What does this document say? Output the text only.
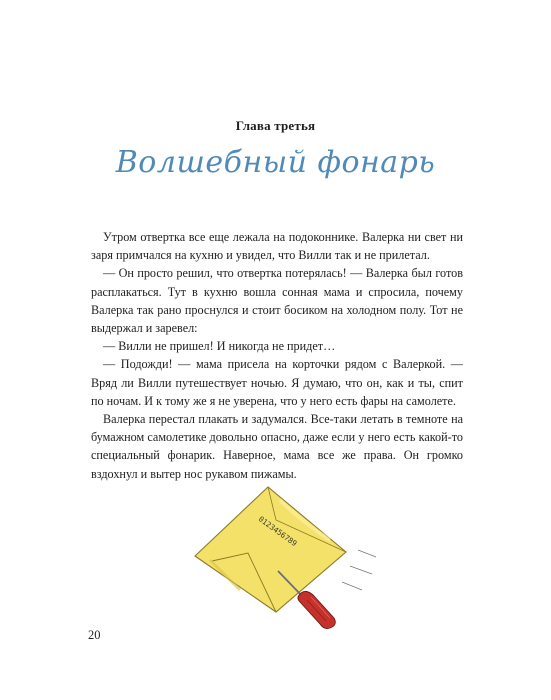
Глава третья
Волшебный фонарь

Утром отвертка все еще лежала на подоконнике. Валерка ни свет ни заря примчался на кухню и увидел, что Вилли так и не прилетал.

— Он просто решил, что отвертка потерялась! — Валерка был готов расплакаться. Тут в кухню вошла сонная мама и спросила, почему Валерка так рано проснулся и стоит босиком на холодном полу. Тот не выдержал и заревел:

— Вилли не пришел! И никогда не придет…

— Подожди! — мама присела на корточки рядом с Валеркой. — Вряд ли Вилли путешествует ночью. Я думаю, что он, как и ты, спит по ночам. И к тому же я не уверена, что у него есть фары на самолете.

Валерка перестал плакать и задумался. Все-таки летать в темноте на бумажном самолетике довольно опасно, даже если у него есть какой-то специальный фонарик. Наверное, мама все же права. Он громко вздохнул и вытер нос рукавом пижамы.

0123456789
20
